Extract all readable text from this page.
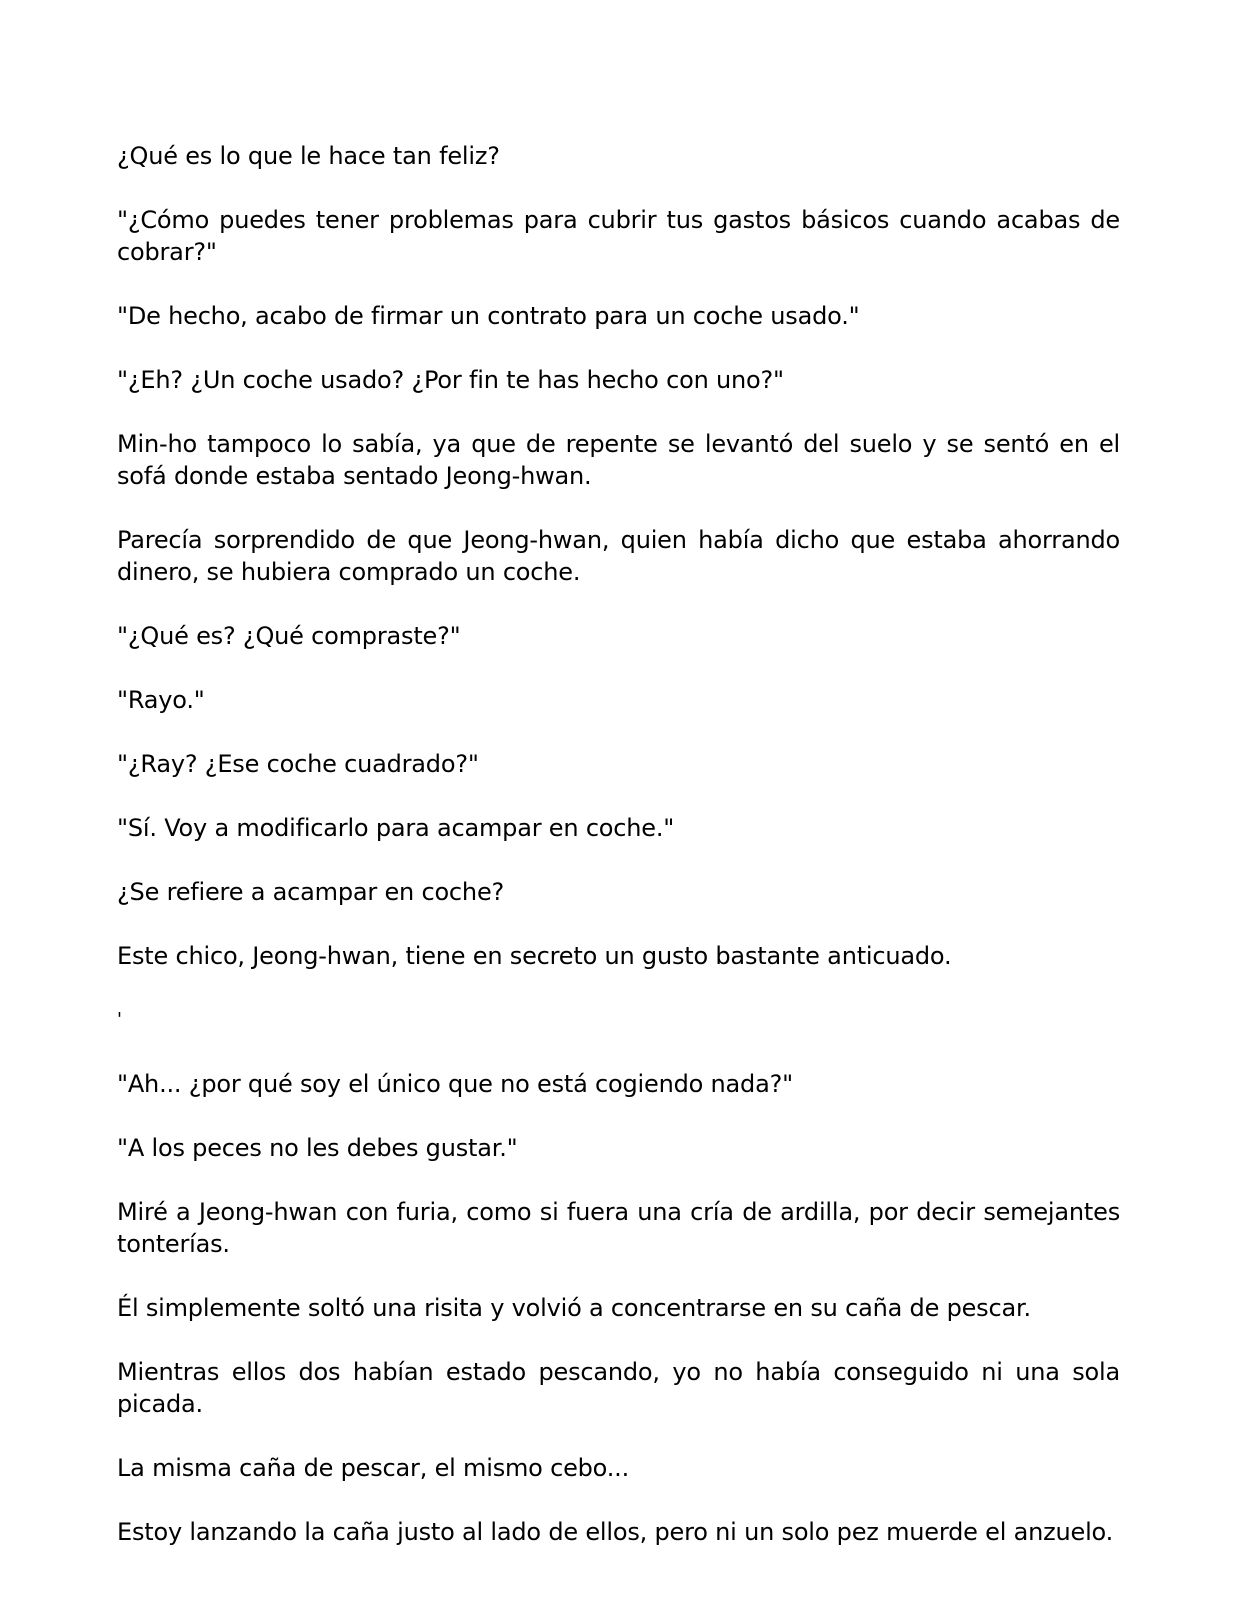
¿Qué es lo que le hace tan feliz?

"¿Cómo puedes tener problemas para cubrir tus gastos básicos cuando acabas de cobrar?"

"De hecho, acabo de firmar un contrato para un coche usado."

"¿Eh? ¿Un coche usado? ¿Por fin te has hecho con uno?"

Min-ho tampoco lo sabía, ya que de repente se levantó del suelo y se sentó en el sofá donde estaba sentado Jeong-hwan.

Parecía sorprendido de que Jeong-hwan, quien había dicho que estaba ahorrando dinero, se hubiera comprado un coche.

"¿Qué es? ¿Qué compraste?"

"Rayo."

"¿Ray? ¿Ese coche cuadrado?"

"Sí. Voy a modificarlo para acampar en coche."

¿Se refiere a acampar en coche?

Este chico, Jeong-hwan, tiene en secreto un gusto bastante anticuado.

'

"Ah... ¿por qué soy el único que no está cogiendo nada?"

"A los peces no les debes gustar."

Miré a Jeong-hwan con furia, como si fuera una cría de ardilla, por decir semejantes tonterías.

Él simplemente soltó una risita y volvió a concentrarse en su caña de pescar.

Mientras ellos dos habían estado pescando, yo no había conseguido ni una sola picada.

La misma caña de pescar, el mismo cebo...

Estoy lanzando la caña justo al lado de ellos, pero ni un solo pez muerde el anzuelo.
